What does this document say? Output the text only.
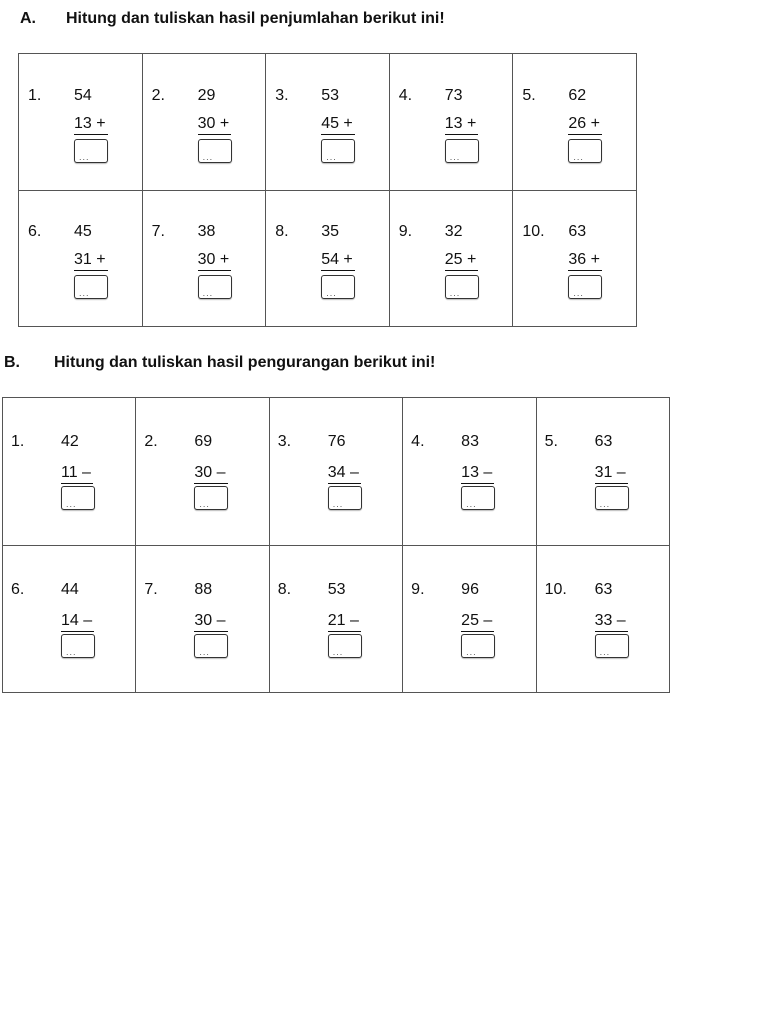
A. Hitung dan tuliskan hasil penjumlahan berikut ini!
1. 54
13 +
...	2. 29
30 +
...	3. 53
45 +
...	4. 73
13 +
...	5. 62
26 +
...

6. 45
31 +
...	7. 38
30 +
...	8. 35
54 +
...	9. 32
25 +
...	10. 63
36 +
...
B. Hitung dan tuliskan hasil pengurangan berikut ini!
1. 42
11 –
...	2. 69
30 –
...	3. 76
34 –
...	4. 83
13 –
...	5. 63
31 –
...

6. 44
14 –
...	7. 88
30 –
...	8. 53
21 –
...	9. 96
25 –
...	10. 63
33 –
...
